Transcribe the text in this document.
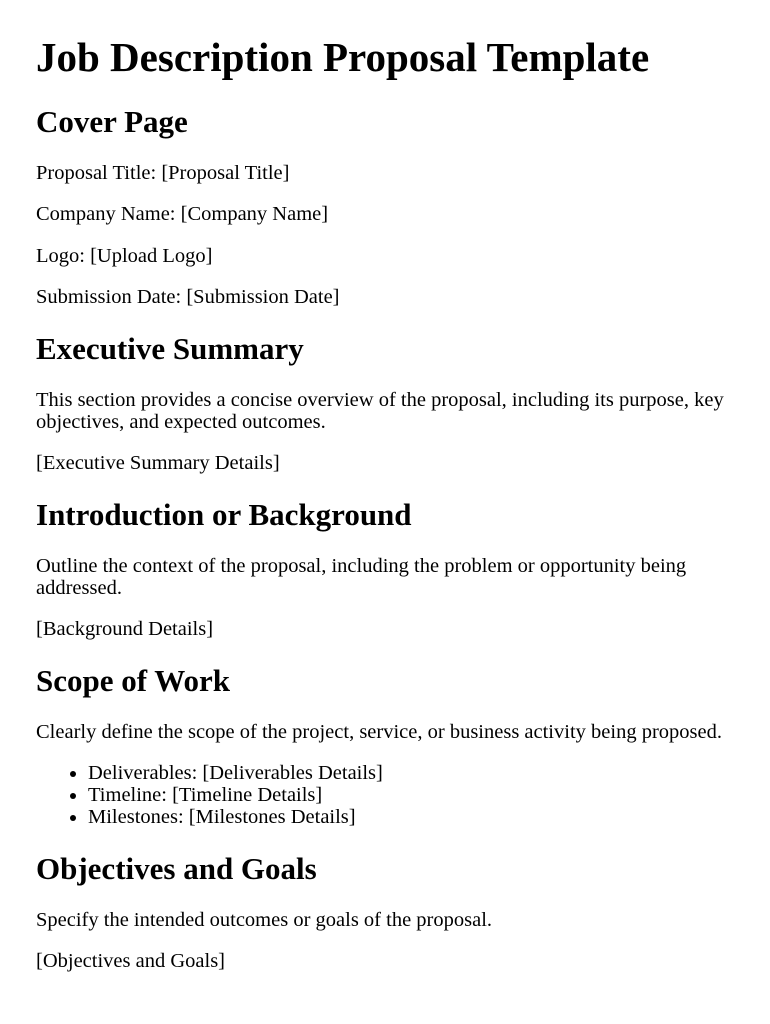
Job Description Proposal Template
Cover Page

Proposal Title: [Proposal Title]

Company Name: [Company Name]

Logo: [Upload Logo]

Submission Date: [Submission Date]

Executive Summary

This section provides a concise overview of the proposal, including its purpose, key objectives, and expected outcomes.

[Executive Summary Details]

Introduction or Background

Outline the context of the proposal, including the problem or opportunity being addressed.

[Background Details]

Scope of Work

Clearly define the scope of the project, service, or business activity being proposed.

• Deliverables: [Deliverables Details]
• Timeline: [Timeline Details]
• Milestones: [Milestones Details]
Objectives and Goals

Specify the intended outcomes or goals of the proposal.

[Objectives and Goals]
